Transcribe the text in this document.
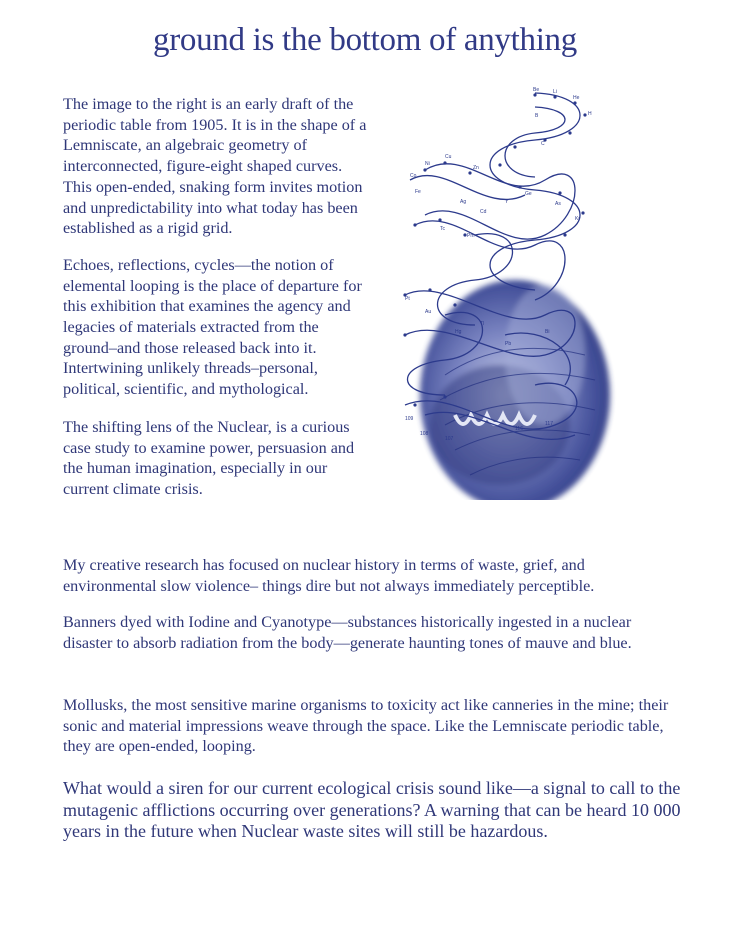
ground is the bottom of anything

The image to the right is an early draft of the periodic table from 1905. It is in the shape of a Lemniscate, an algebraic geometry of interconnected, figure-eight shaped curves. This open-ended, snaking form invites motion and unpredictability into what today has been established as a rigid grid.

Echoes, reflections, cycles—the notion of elemental looping is the place of departure for this exhibition that examines the agency and legacies of materials extracted from the ground–and those released back into it. Intertwining unlikely threads–personal, political, scientific, and mythological.

The shifting lens of the Nuclear, is a curious case study to examine power, persuasion and the human imagination, especially in our current climate crisis.

Be	Li
He
H
B
C
Ni
Cu
Zn
Co
Fe
Ag
Cd
Y
Ge
As
Kr
Tc
Pm
Pt
Au
Hg
Tl
Pb
Bi
109
108
107
116
117

My creative research has focused on nuclear history in terms of waste, grief, and environmental slow violence– things dire but not always immediately perceptible.

Banners dyed with Iodine and Cyanotype—substances historically ingested in a nuclear disaster to absorb radiation from the body—generate haunting tones of mauve and blue.

Mollusks, the most sensitive marine organisms to toxicity act like canneries in the mine; their sonic and material impressions weave through the space. Like the Lemniscate periodic table, they are open-ended, looping.

What would a siren for our current ecological crisis sound like—a signal to call to the mutagenic afflictions occurring over generations? A warning that can be heard 10 000 years in the future when Nuclear waste sites will still be hazardous.
